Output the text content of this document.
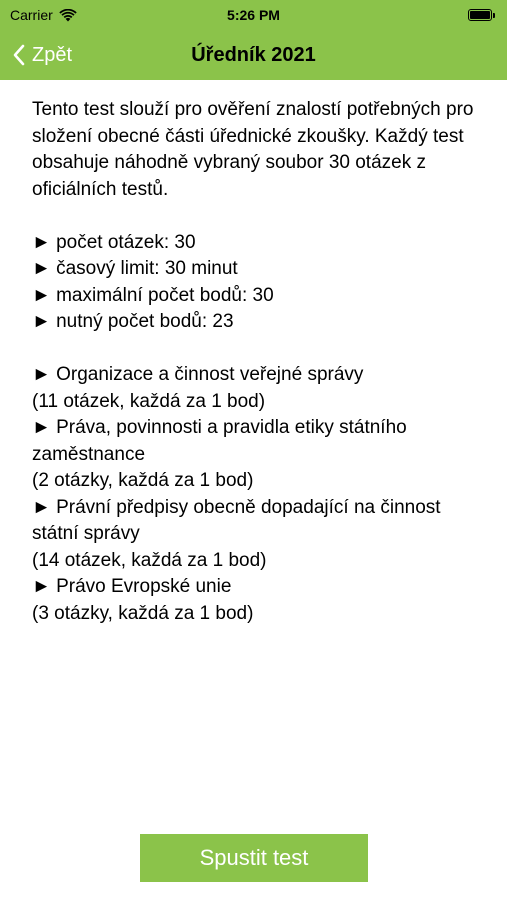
Carrier	5:26 PM
Zpět	Úředník 2021

Tento test slouží pro ověření znalostí potřebných pro složení obecné části úřednické zkoušky. Každý test obsahuje náhodně vybraný soubor 30 otázek z oficiálních testů.

► počet otázek: 30
► časový limit: 30 minut
► maximální počet bodů: 30
► nutný počet bodů: 23
► Organizace a činnost veřejné správy
(11 otázek, každá za 1 bod)
► Práva, povinnosti a pravidla etiky státního zaměstnance
(2 otázky, každá za 1 bod)
► Právní předpisy obecně dopadající na činnost státní správy
(14 otázek, každá za 1 bod)
► Právo Evropské unie
(3 otázky, každá za 1 bod)
Spustit test
